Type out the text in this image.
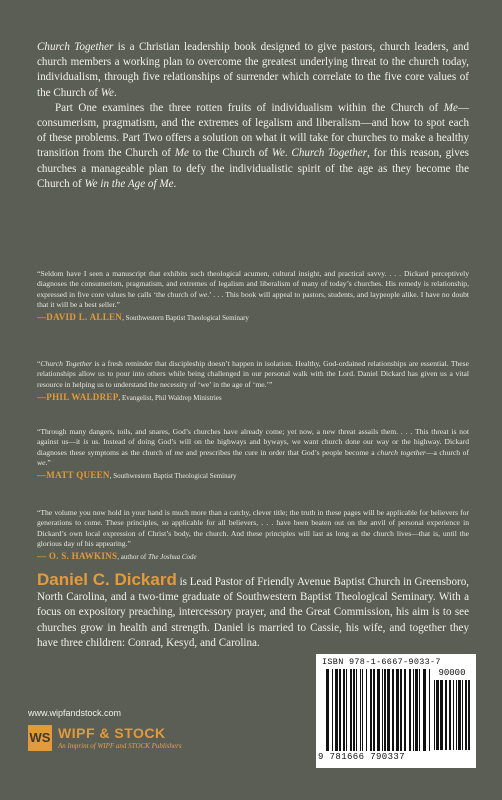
Church Together is a Christian leadership book designed to give pastors, church leaders, and church members a working plan to overcome the greatest underlying threat to the church today, individualism, through five relationships of surrender which correlate to the five core values of the Church of We.

Part One examines the three rotten fruits of individualism within the Church of Me—consumerism, pragmatism, and the extremes of legalism and liberalism—and how to spot each of these problems. Part Two offers a solution on what it will take for churches to make a healthy transition from the Church of Me to the Church of We. Church Together, for this reason, gives churches a manageable plan to defy the individualistic spirit of the age as they become the Church of We in the Age of Me.

“Seldom have I seen a manuscript that exhibits such theological acumen, cultural insight, and practical savvy. . . . Dickard perceptively diagnoses the consumerism, pragmatism, and extremes of legalism and liberalism of many of today’s churches. His remedy is relationship, expressed in five core values he calls ‘the church of we.’ . . . This book will appeal to pastors, students, and laypeople alike. I have no doubt that it will be a best seller.”

—DAVID L. ALLEN, Southwestern Baptist Theological Seminary

“Church Together is a fresh reminder that discipleship doesn’t happen in isolation. Healthy, God-ordained relationships are essential. These relationships allow us to pour into others while being challenged in our personal walk with the Lord. Daniel Dickard has given us a vital resource in helping us to understand the necessity of ‘we’ in the age of ‘me.’”

—PHIL WALDREP, Evangelist, Phil Waldrep Ministries

“Through many dangers, toils, and snares, God’s churches have already come; yet now, a new threat assails them. . . . This threat is not against us—it is us. Instead of doing God’s will on the highways and byways, we want church done our way or the highway. Dickard diagnoses these symptoms as the church of me and prescribes the cure in order that God’s people become a church together—a church of we.”

—MATT QUEEN, Southwestern Baptist Theological Seminary

“The volume you now hold in your hand is much more than a catchy, clever title; the truth in these pages will be applicable for believers for generations to come. These principles, so applicable for all believers, . . . have been beaten out on the anvil of personal experience in Dickard’s own local expression of Christ’s body, the church. And these principles will last as long as the church lives—that is, until the glorious day of his appearing.”

— O. S. HAWKINS, author of The Joshua Code
Daniel C. Dickard is Lead Pastor of Friendly Avenue Baptist Church in Greensboro, North Carolina, and a two-time graduate of Southwestern Baptist Theological Seminary. With a focus on expository preaching, intercessory prayer, and the Great Commission, his aim is to see churches grow in health and strength. Daniel is married to Cassie, his wife, and together they have three children: Conrad, Kesyd, and Carolina.
www.wipfandstock.com
WS WIPF & STOCK
An Imprint of WIPF and STOCK Publishers
ISBN 978-1-6667-9033-7
90000
9 781666 790337
